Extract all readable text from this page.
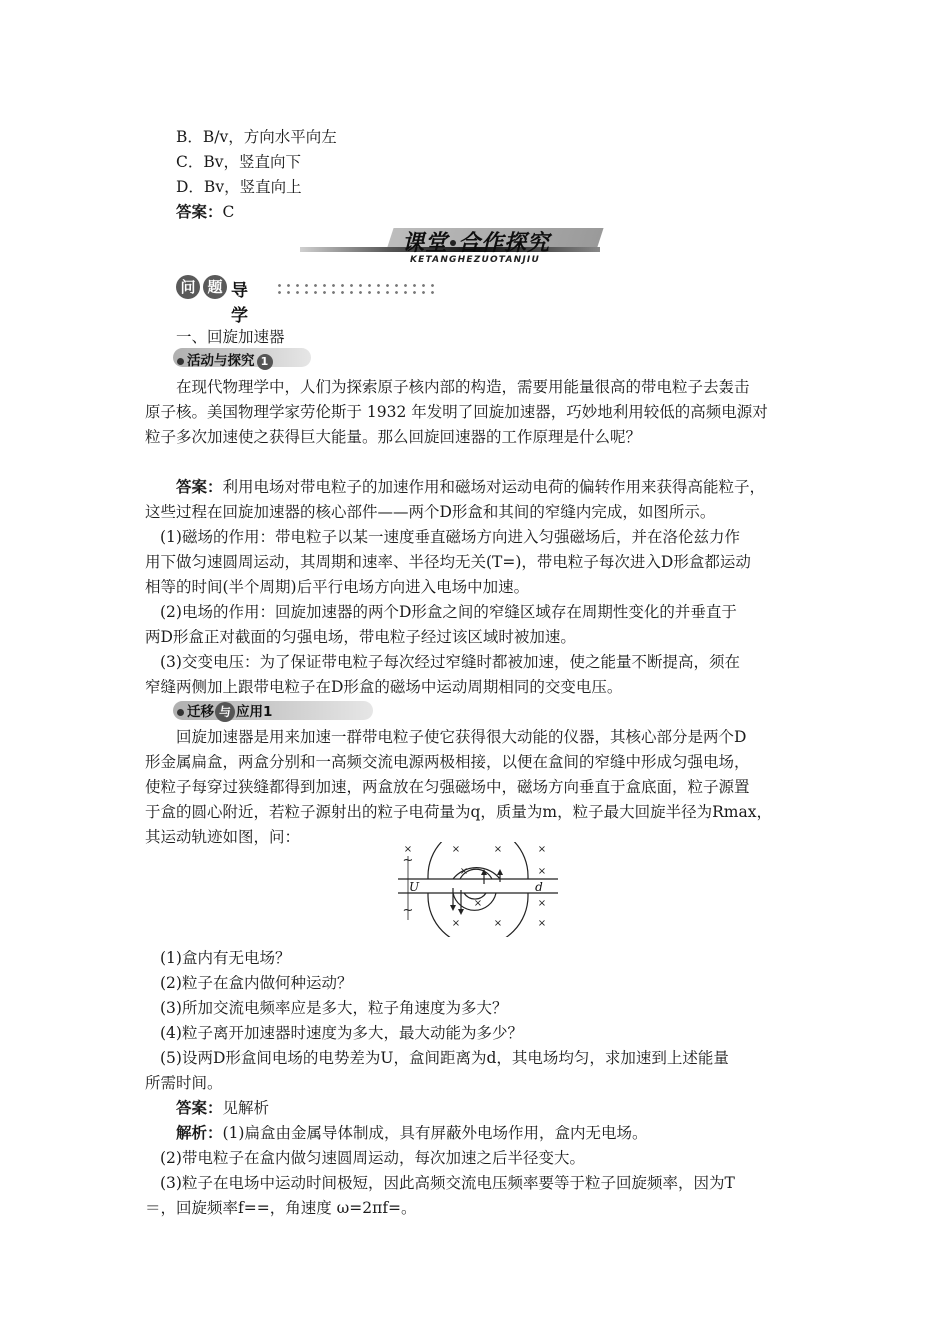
B．B/v，方向水平向左
C．Bv，竖直向下
D．Bv，竖直向上
答案：C
课堂 合作探究
KETANGHEZUOTANJIU
问 题 导学
一、回旋加速器
活动与探究 1
在现代物理学中，人们为探索原子核内部的构造，需要用能量很高的带电粒子去轰击
原子核。美国物理学家劳伦斯于 1932 年发明了回旋加速器，巧妙地利用较低的高频电源对
粒子多次加速使之获得巨大能量。那么回旋回速器的工作原理是什么呢？
答案：利用电场对带电粒子的加速作用和磁场对运动电荷的偏转作用来获得高能粒子，
这些过程在回旋加速器的核心部件——两个D形盒和其间的窄缝内完成，如图所示。
(1)磁场的作用：带电粒子以某一速度垂直磁场方向进入匀强磁场后，并在洛伦兹力作
用下做匀速圆周运动，其周期和速率、半径均无关(T=)，带电粒子每次进入D形盒都运动
相等的时间(半个周期)后平行电场方向进入电场中加速。
(2)电场的作用：回旋加速器的两个D形盒之间的窄缝区域存在周期性变化的并垂直于
两D形盒正对截面的匀强电场，带电粒子经过该区域时被加速。
(3)交变电压：为了保证带电粒子每次经过窄缝时都被加速，使之能量不断提高，须在
窄缝两侧加上跟带电粒子在D形盒的磁场中运动周期相同的交变电压。
迁移 与 应用1
回旋加速器是用来加速一群带电粒子使它获得很大动能的仪器，其核心部分是两个D
形金属扁盒，两盒分别和一高频交流电源两极相接，以便在盒间的窄缝中形成匀强电场，
使粒子每穿过狭缝都得到加速，两盒放在匀强磁场中，磁场方向垂直于盒底面，粒子源置
于盒的圆心附近，若粒子源射出的粒子电荷量为q，质量为m，粒子最大回旋半径为Rmax，
其运动轨迹如图，问：
×	×	×	×
×	×
×	×
×	×	×
~
~
U	d
(1)盒内有无电场？
(2)粒子在盒内做何种运动？
(3)所加交流电频率应是多大，粒子角速度为多大？
(4)粒子离开加速器时速度为多大，最大动能为多少？
(5)设两D形盒间电场的电势差为U，盒间距离为d，其电场均匀，求加速到上述能量
所需时间。
答案：见解析
解析：(1)扁盒由金属导体制成，具有屏蔽外电场作用，盒内无电场。
(2)带电粒子在盒内做匀速圆周运动，每次加速之后半径变大。
(3)粒子在电场中运动时间极短，因此高频交流电压频率要等于粒子回旋频率，因为T
＝，回旋频率f==，角速度 ω=2πf=。
